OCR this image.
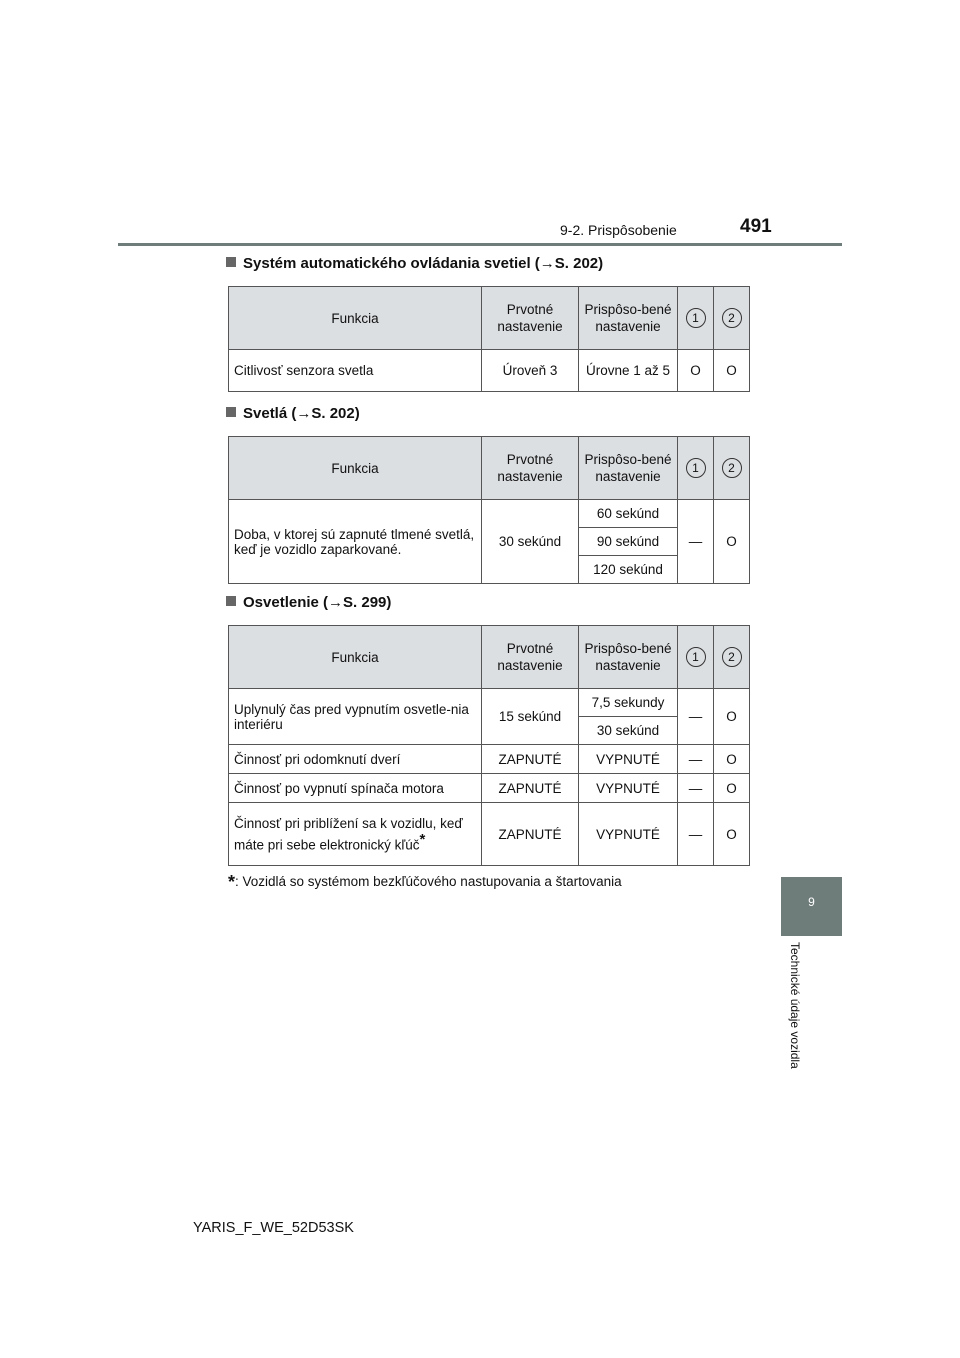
9-2. Prispôsobenie	491
9
Technické údaje vozidla
Systém automatického ovládania svetiel (→S. 202)
Funkcia	Prvotné nastavenie	Prispôso-bené nastavenie	1	2
Citlivosť senzora svetla	Úroveň 3	Úrovne 1 až 5	O	O
Svetlá (→S. 202)
Funkcia	Prvotné nastavenie	Prispôso-bené nastavenie	1	2
Doba, v ktorej sú zapnuté tlmené svetlá, keď je vozidlo zaparkované.	30 sekúnd	60 sekúnd	—	O
		90 sekúnd		
		120 sekúnd		
Osvetlenie (→S. 299)
Funkcia	Prvotné nastavenie	Prispôso-bené nastavenie	1	2
Uplynulý čas pred vypnutím osvetle-nia interiéru	15 sekúnd	7,5 sekundy	—	O
		30 sekúnd		
Činnosť pri odomknutí dverí	ZAPNUTÉ	VYPNUTÉ	—	O
Činnosť po vypnutí spínača motora	ZAPNUTÉ	VYPNUTÉ	—	O
Činnosť pri priblížení sa k vozidlu, keď máte pri sebe elektronický kľúč*	ZAPNUTÉ	VYPNUTÉ	—	O
*: Vozidlá so systémom bezkľúčového nastupovania a štartovania
YARIS_F_WE_52D53SK
